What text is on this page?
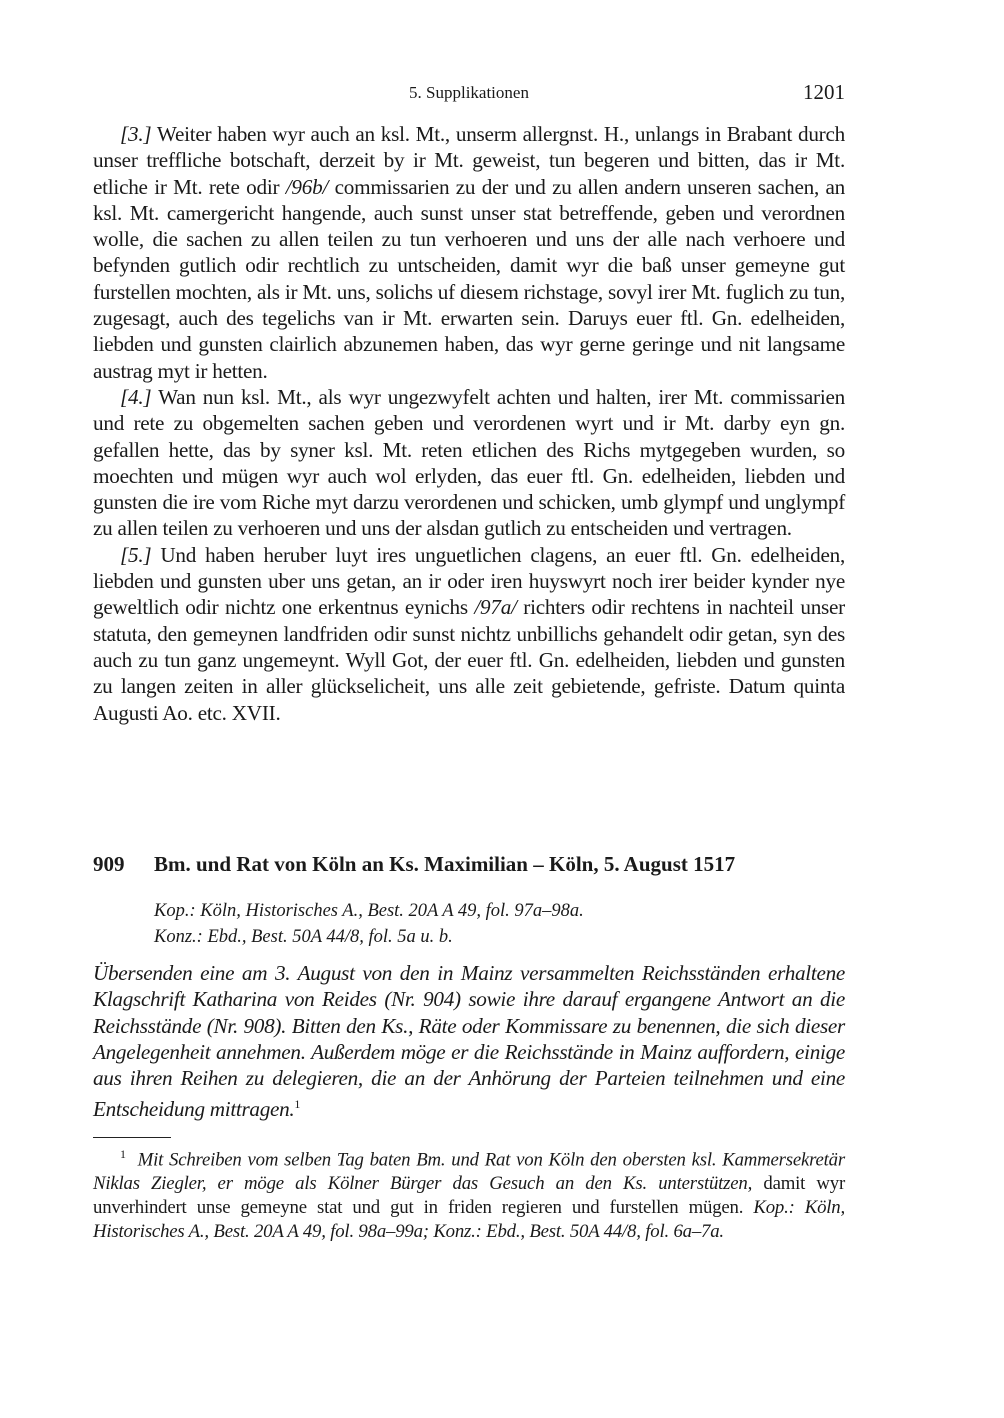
5. Supplikationen	1201

[3.] Weiter haben wyr auch an ksl. Mt., unserm allergnst. H., unlangs in Brabant durch unser treffliche botschaft, derzeit by ir Mt. geweist, tun begeren und bitten, das ir Mt. etliche ir Mt. rete odir /96b/ commissarien zu der und zu allen andern unseren sachen, an ksl. Mt. camergericht hangende, auch sunst unser stat betreffende, geben und verordnen wolle, die sachen zu allen teilen zu tun verhoeren und uns der alle nach verhoere und befynden gutlich odir rechtlich zu untscheiden, damit wyr die baß unser gemeyne gut furstellen mochten, als ir Mt. uns, solichs uf diesem richstage, sovyl irer Mt. fuglich zu tun, zugesagt, auch des tegelichs van ir Mt. erwarten sein. Daruys euer ftl. Gn. edelheiden, liebden und gunsten clairlich abzunemen haben, das wyr gerne geringe und nit langsame austrag myt ir hetten.

[4.] Wan nun ksl. Mt., als wyr ungezwyfelt achten und halten, irer Mt. commissarien und rete zu obgemelten sachen geben und verordenen wyrt und ir Mt. darby eyn gn. gefallen hette, das by syner ksl. Mt. reten etlichen des Richs mytgegeben wurden, so moechten und mügen wyr auch wol erlyden, das euer ftl. Gn. edelheiden, liebden und gunsten die ire vom Riche myt darzu verordenen und schicken, umb glympf und unglympf zu allen teilen zu verhoeren und uns der alsdan gutlich zu entscheiden und vertragen.

[5.] Und haben heruber luyt ires unguetlichen clagens, an euer ftl. Gn. edelheiden, liebden und gunsten uber uns getan, an ir oder iren huyswyrt noch irer beider kynder nye geweltlich odir nichtz one erkentnus eynichs /97a/ richters odir rechtens in nachteil unser statuta, den gemeynen landfriden odir sunst nichtz unbillichs gehandelt odir getan, syn des auch zu tun ganz ungemeynt. Wyll Got, der euer ftl. Gn. edelheiden, liebden und gunsten zu langen zeiten in aller glückselicheit, uns alle zeit gebietende, gefriste. Datum quinta Augusti Ao. etc. XVII.

909 Bm. und Rat von Köln an Ks. Maximilian – Köln, 5. August 1517
Kop.: Köln, Historisches A., Best. 20A A 49, fol. 97a–98a.
Konz.: Ebd., Best. 50A 44/8, fol. 5a u. b.
Übersenden eine am 3. August von den in Mainz versammelten Reichsständen erhaltene Klagschrift Katharina von Reides (Nr. 904) sowie ihre darauf ergangene Antwort an die Reichsstände (Nr. 908). Bitten den Ks., Räte oder Kommissare zu benennen, die sich dieser Angelegenheit annehmen. Außerdem möge er die Reichsstände in Mainz auffordern, einige aus ihren Reihen zu delegieren, die an der Anhörung der Parteien teilnehmen und eine Entscheidung mittragen.$^1$
$^1$ Mit Schreiben vom selben Tag baten Bm. und Rat von Köln den obersten ksl. Kammersekretär Niklas Ziegler, er möge als Kölner Bürger das Gesuch an den Ks. unterstützen, damit wyr unverhindert unse gemeyne stat und gut in friden regieren und furstellen mügen. Kop.: Köln, Historisches A., Best. 20A A 49, fol. 98a–99a; Konz.: Ebd., Best. 50A 44/8, fol. 6a–7a.
